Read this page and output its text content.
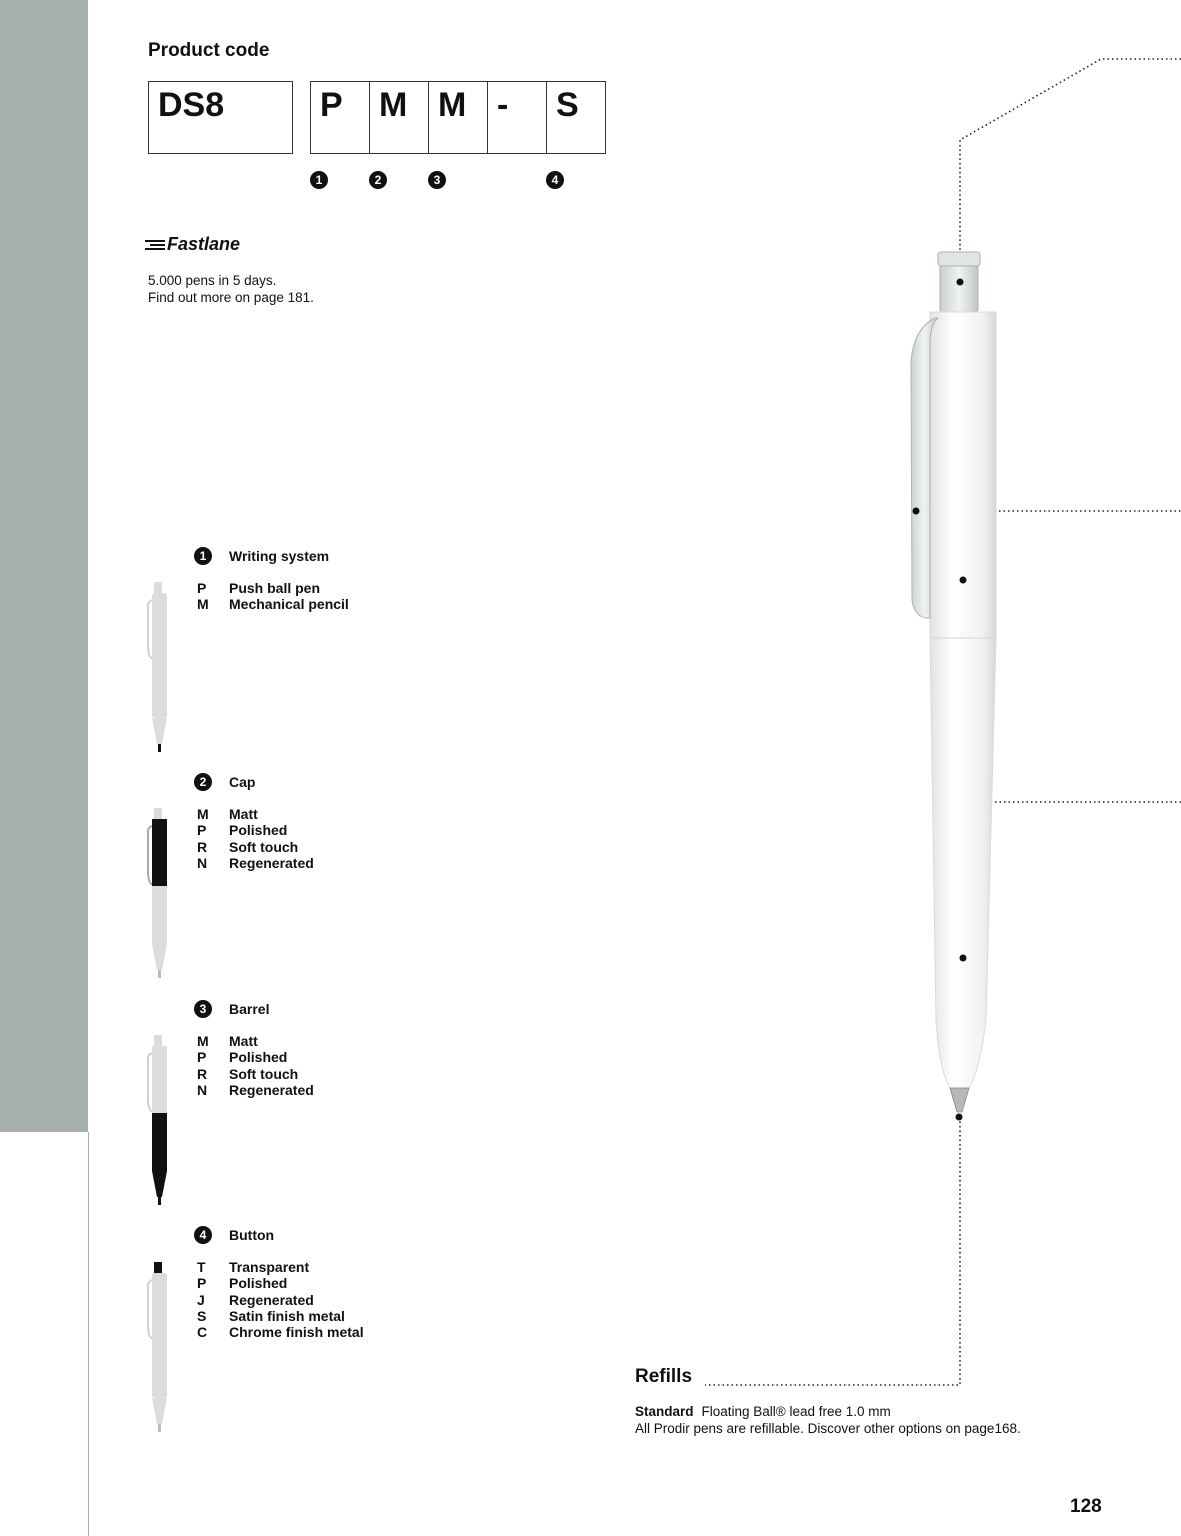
Product code
DS8	P	M M -	S
1	2	3	4
Fastlane
5.000 pens in 5 days.
Find out more on page 181.
1	Writing system
P	Push ball pen
M	Mechanical pencil
2	Cap
M	Matt
P	Polished
R	Soft touch
N	Regenerated
3	Barrel
M	Matt
P	Polished
R	Soft touch
N	Regenerated
4	Button
T	Transparent
P	Polished
J	Regenerated
S	Satin finish metal
C	Chrome finish metal
Refills
Standard Floating Ball® lead free 1.0 mm
All Prodir pens are refillable. Discover other options on page168.
128
